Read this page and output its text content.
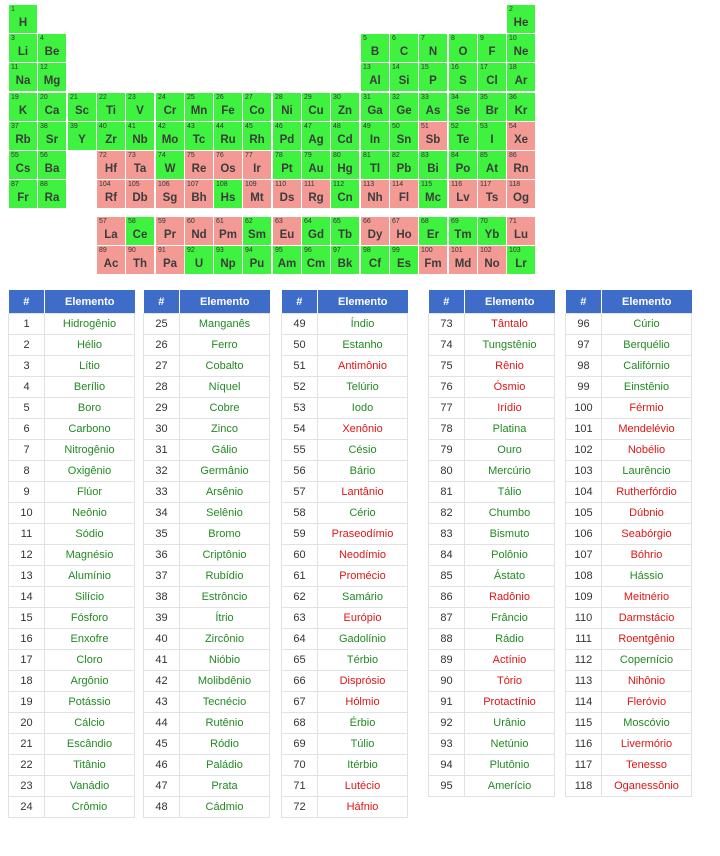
1
H
2
He
3
Li
4
Be
5
B
6
C
7
N
8
O
9
F
10
Ne
11
Na
12
Mg
13
Al
14
Si
15
P
16
S
17
Cl
18
Ar
19
K
20
Ca
21
Sc
22
Ti
23
V
24
Cr
25
Mn
26
Fe
27
Co
28
Ni
29
Cu
30
Zn
31
Ga
32
Ge
33
As
34
Se
35
Br
36
Kr
37
Rb
38
Sr
39
Y
40
Zr
41
Nb
42
Mo
43
Tc
44
Ru
45
Rh
46
Pd
47
Ag
48
Cd
49
In
50
Sn
51
Sb
52
Te
53
I
54
Xe
55
Cs
56
Ba
57
La
58
Ce
59
Pr
60
Nd
61
Pm
62
Sm
63
Eu
64
Gd
65
Tb
66
Dy
67
Ho
68
Er
69
Tm
70
Yb
71
Lu
72
Hf
73
Ta
74
W
75
Re
76
Os
77
Ir
78
Pt
79
Au
80
Hg
81
Tl
82
Pb
83
Bi
84
Po
85
At
86
Rn
87
Fr
88
Ra
89
Ac
90
Th
91
Pa
92
U
93
Np
94
Pu
95
Am
96
Cm
97
Bk
98
Cf
99
Es
100
Fm
101
Md
102
No
103
Lr
104
Rf
105
Db
106
Sg
107
Bh
108
Hs
109
Mt
110
Ds
111
Rg
112
Cn
113
Nh
114
Fl
115
Mc
116
Lv
117
Ts
118
Og
#	Elemento
1	Hidrogênio
2	Hélio
3	Lítio
4	Berílio
5	Boro
6	Carbono
7	Nitrogênio
8	Oxigênio
9	Flúor
10	Neônio
11	Sódio
12	Magnésio
13	Alumínio
14	Silício
15	Fósforo
16	Enxofre
17	Cloro
18	Argônio
19	Potássio
20	Cálcio
21	Escândio
22	Titânio
23	Vanádio
24	Crômio
#	Elemento
25	Manganês
26	Ferro
27	Cobalto
28	Níquel
29	Cobre
30	Zinco
31	Gálio
32	Germânio
33	Arsênio
34	Selênio
35	Bromo
36	Criptônio
37	Rubídio
38	Estrôncio
39	Ítrio
40	Zircônio
41	Nióbio
42	Molibdênio
43	Tecnécio
44	Rutênio
45	Ródio
46	Paládio
47	Prata
48	Cádmio
#	Elemento
49	Índio
50	Estanho
51	Antimônio
52	Telúrio
53	Iodo
54	Xenônio
55	Césio
56	Bário
57	Lantânio
58	Cério
59	Praseodímio
60	Neodímio
61	Promécio
62	Samário
63	Európio
64	Gadolínio
65	Térbio
66	Disprósio
67	Hólmio
68	Érbio
69	Túlio
70	Itérbio
71	Lutécio
72	Háfnio
#	Elemento
73	Tântalo
74	Tungstênio
75	Rênio
76	Ósmio
77	Irídio
78	Platina
79	Ouro
80	Mercúrio
81	Tálio
82	Chumbo
83	Bismuto
84	Polônio
85	Ástato
86	Radônio
87	Frâncio
88	Rádio
89	Actínio
90	Tório
91	Protactínio
92	Urânio
93	Netúnio
94	Plutônio
95	Amerício
#	Elemento
96	Cúrio
97	Berquélio
98	Califórnio
99	Einstênio
100	Férmio
101	Mendelévio
102	Nobélio
103	Laurêncio
104	Rutherfórdio
105	Dúbnio
106	Seabórgio
107	Bóhrio
108	Hássio
109	Meitnério
110	Darmstácio
111	Roentgênio
112	Copernício
113	Nihônio
114	Fleróvio
115	Moscóvio
116	Livermório
117	Tenesso
118	Oganessônio
